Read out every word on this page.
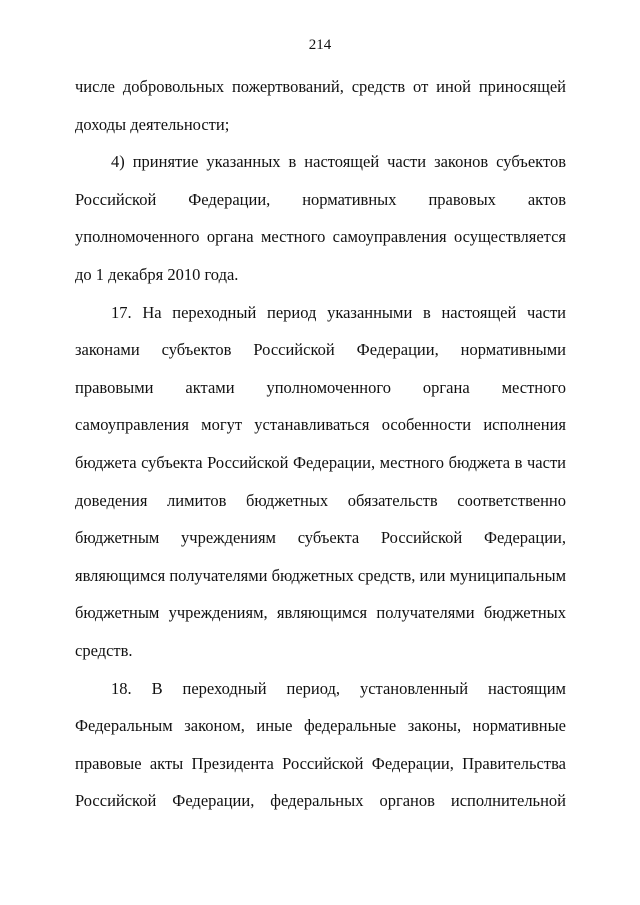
214
числе добровольных пожертвований, средств от иной приносящей
доходы деятельности;
4) принятие указанных в настоящей части законов субъектов
Российской Федерации, нормативных правовых актов
уполномоченного органа местного самоуправления осуществляется
до 1 декабря 2010 года.
17. На переходный период указанными в настоящей части
законами субъектов Российской Федерации, нормативными
правовыми актами уполномоченного органа местного
самоуправления могут устанавливаться особенности исполнения
бюджета субъекта Российской Федерации, местного бюджета в части
доведения лимитов бюджетных обязательств соответственно
бюджетным учреждениям субъекта Российской Федерации,
являющимся получателями бюджетных средств, или муниципальным
бюджетным учреждениям, являющимся получателями бюджетных
средств.
18. В переходный период, установленный настоящим
Федеральным законом, иные федеральные законы, нормативные
правовые акты Президента Российской Федерации, Правительства
Российской Федерации, федеральных органов исполнительной
